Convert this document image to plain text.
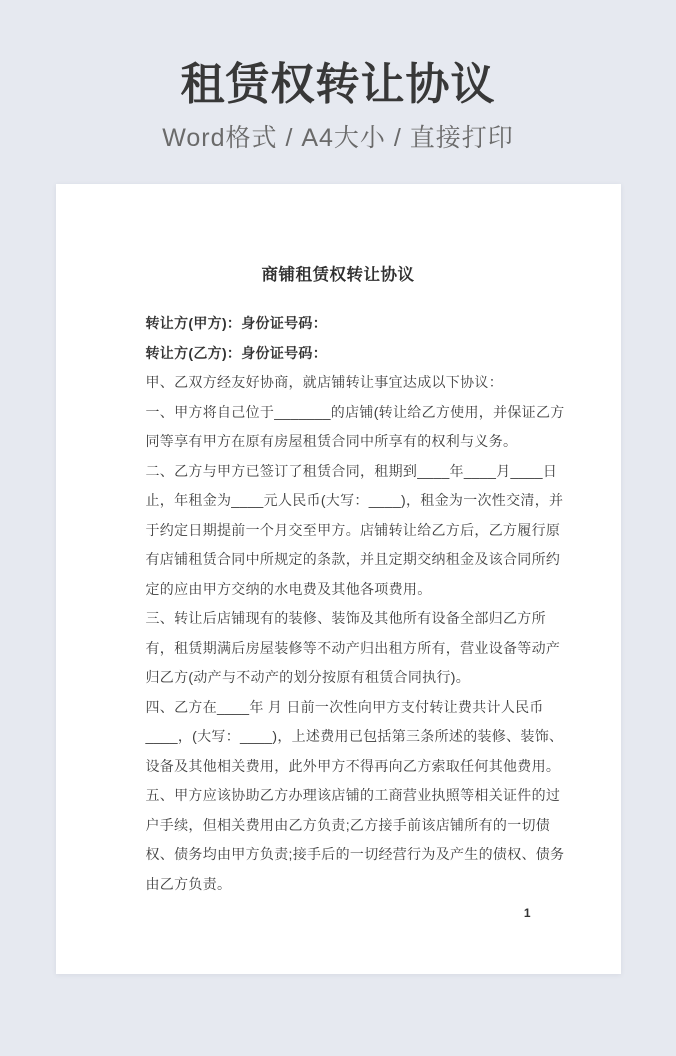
租赁权转让协议

Word格式 / A4大小 / 直接打印

商铺租赁权转让协议

转让方(甲方)：身份证号码：

转让方(乙方)：身份证号码：

甲、乙双方经友好协商，就店铺转让事宜达成以下协议：

一、甲方将自己位于_______的店铺(转让给乙方使用，并保证乙方同等享有甲方在原有房屋租赁合同中所享有的权利与义务。

二、乙方与甲方已签订了租赁合同，租期到____年____月____日止，年租金为____元人民币(大写：____)，租金为一次性交清，并于约定日期提前一个月交至甲方。店铺转让给乙方后，乙方履行原有店铺租赁合同中所规定的条款，并且定期交纳租金及该合同所约定的应由甲方交纳的水电费及其他各项费用。

三、转让后店铺现有的装修、装饰及其他所有设备全部归乙方所有，租赁期满后房屋装修等不动产归出租方所有，营业设备等动产归乙方(动产与不动产的划分按原有租赁合同执行)。

四、乙方在____年 月 日前一次性向甲方支付转让费共计人民币____，(大写：____)，上述费用已包括第三条所述的装修、装饰、设备及其他相关费用，此外甲方不得再向乙方索取任何其他费用。

五、甲方应该协助乙方办理该店铺的工商营业执照等相关证件的过户手续，但相关费用由乙方负责;乙方接手前该店铺所有的一切债权、债务均由甲方负责;接手后的一切经营行为及产生的债权、债务由乙方负责。

1
